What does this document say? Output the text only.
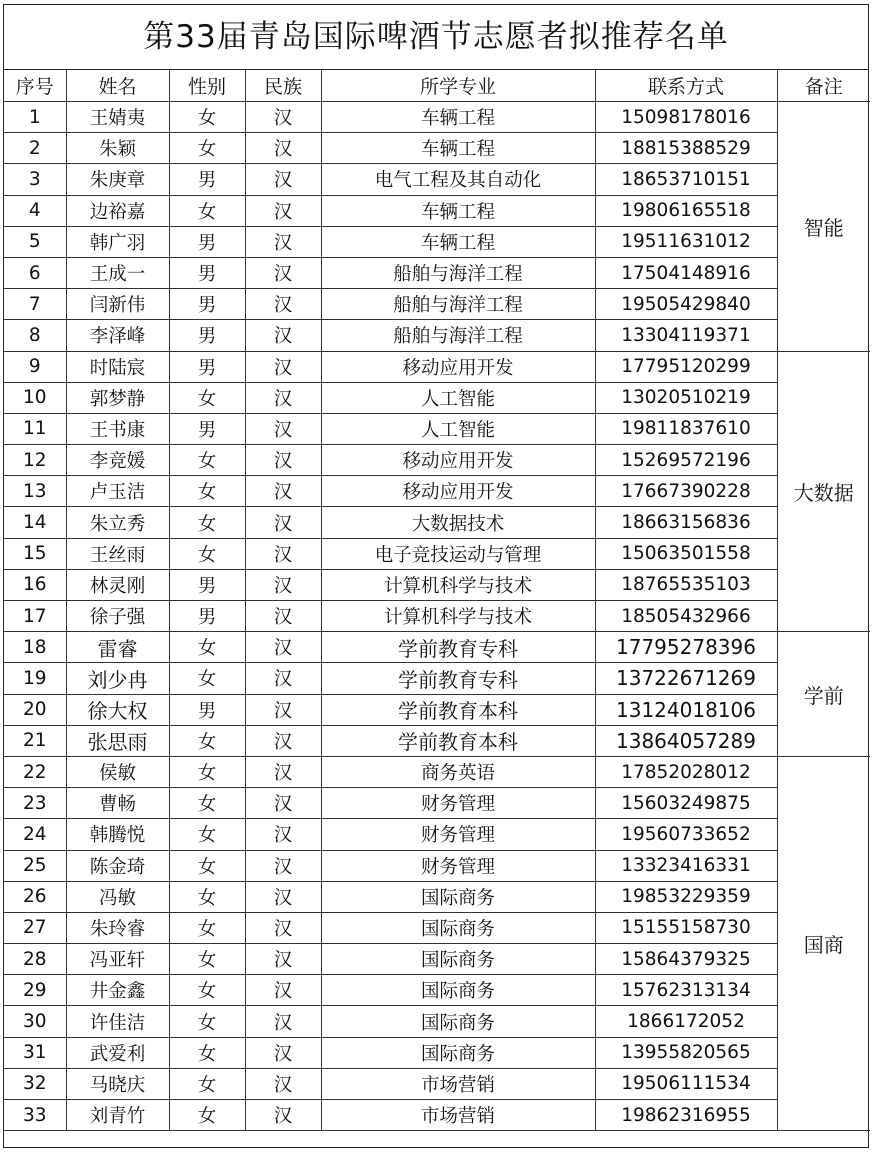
第33届青岛国际啤酒节志愿者拟推荐名单
序号	姓名	性别	民族	所学专业	联系方式	备注
1	王婧夷	女	汉	车辆工程	15098178016	智能
2	朱颖	女	汉	车辆工程	18815388529	
3	朱庚章	男	汉	电气工程及其自动化	18653710151	
4	边裕嘉	女	汉	车辆工程	19806165518	
5	韩广羽	男	汉	车辆工程	19511631012	
6	王成一	男	汉	船舶与海洋工程	17504148916	
7	闫新伟	男	汉	船舶与海洋工程	19505429840	
8	李泽峰	男	汉	船舶与海洋工程	13304119371	
9	时陆宸	男	汉	移动应用开发	17795120299	大数据
10	郭梦静	女	汉	人工智能	13020510219	
11	王书康	男	汉	人工智能	19811837610	
12	李竞媛	女	汉	移动应用开发	15269572196	
13	卢玉洁	女	汉	移动应用开发	17667390228	
14	朱立秀	女	汉	大数据技术	18663156836	
15	王丝雨	女	汉	电子竞技运动与管理	15063501558	
16	林灵刚	男	汉	计算机科学与技术	18765535103	
17	徐子强	男	汉	计算机科学与技术	18505432966	
18	雷睿	女	汉	学前教育专科	17795278396	学前
19	刘少冉	女	汉	学前教育专科	13722671269	
20	徐大权	男	汉	学前教育本科	13124018106	
21	张思雨	女	汉	学前教育本科	13864057289	
22	侯敏	女	汉	商务英语	17852028012	国商
23	曹畅	女	汉	财务管理	15603249875	
24	韩腾悦	女	汉	财务管理	19560733652	
25	陈金琦	女	汉	财务管理	13323416331	
26	冯敏	女	汉	国际商务	19853229359	
27	朱玲睿	女	汉	国际商务	15155158730	
28	冯亚轩	女	汉	国际商务	15864379325	
29	井金鑫	女	汉	国际商务	15762313134	
30	许佳洁	女	汉	国际商务	1866172052	
31	武爱利	女	汉	国际商务	13955820565	
32	马晓庆	女	汉	市场营销	19506111534	
33	刘青竹	女	汉	市场营销	19862316955	
